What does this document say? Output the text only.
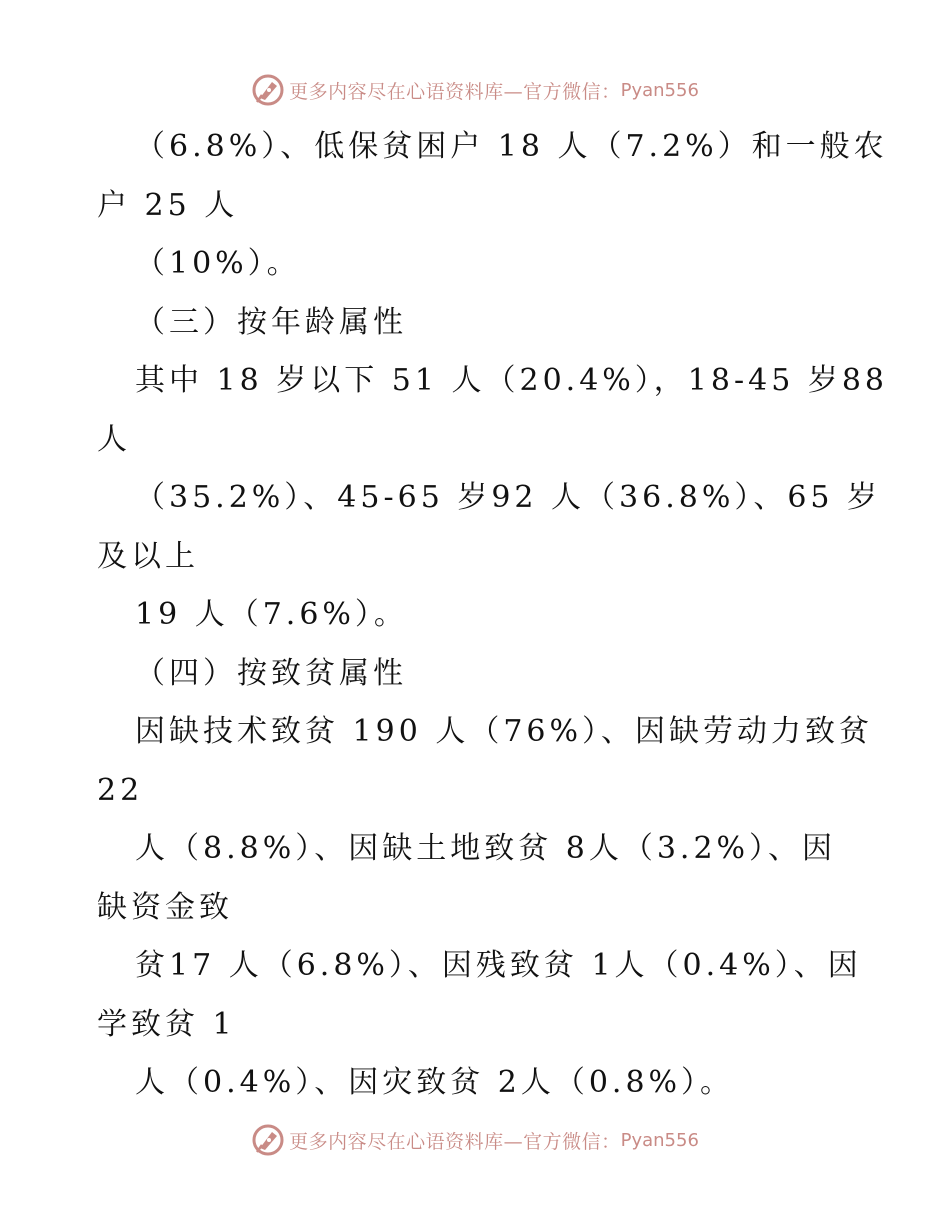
更多内容尽在心语资料库—官方微信： Pyan556
（6.8%）、低保贫困户 18 人（7.2%）和一般农
户 25 人
（10%）。
（三）按年龄属性
其中 18 岁以下 51 人（20.4%），18-45 岁88
人
（35.2%）、45-65 岁92 人（36.8%）、65 岁
及以上
19 人（7.6%）。
（四）按致贫属性
因缺技术致贫 190 人（76%）、因缺劳动力致贫
22
人（8.8%）、因缺土地致贫 8人（3.2%）、因
缺资金致
贫17 人（6.8%）、因残致贫 1人（0.4%）、因
学致贫 1
人（0.4%）、因灾致贫 2人（0.8%）。
更多内容尽在心语资料库—官方微信： Pyan556
